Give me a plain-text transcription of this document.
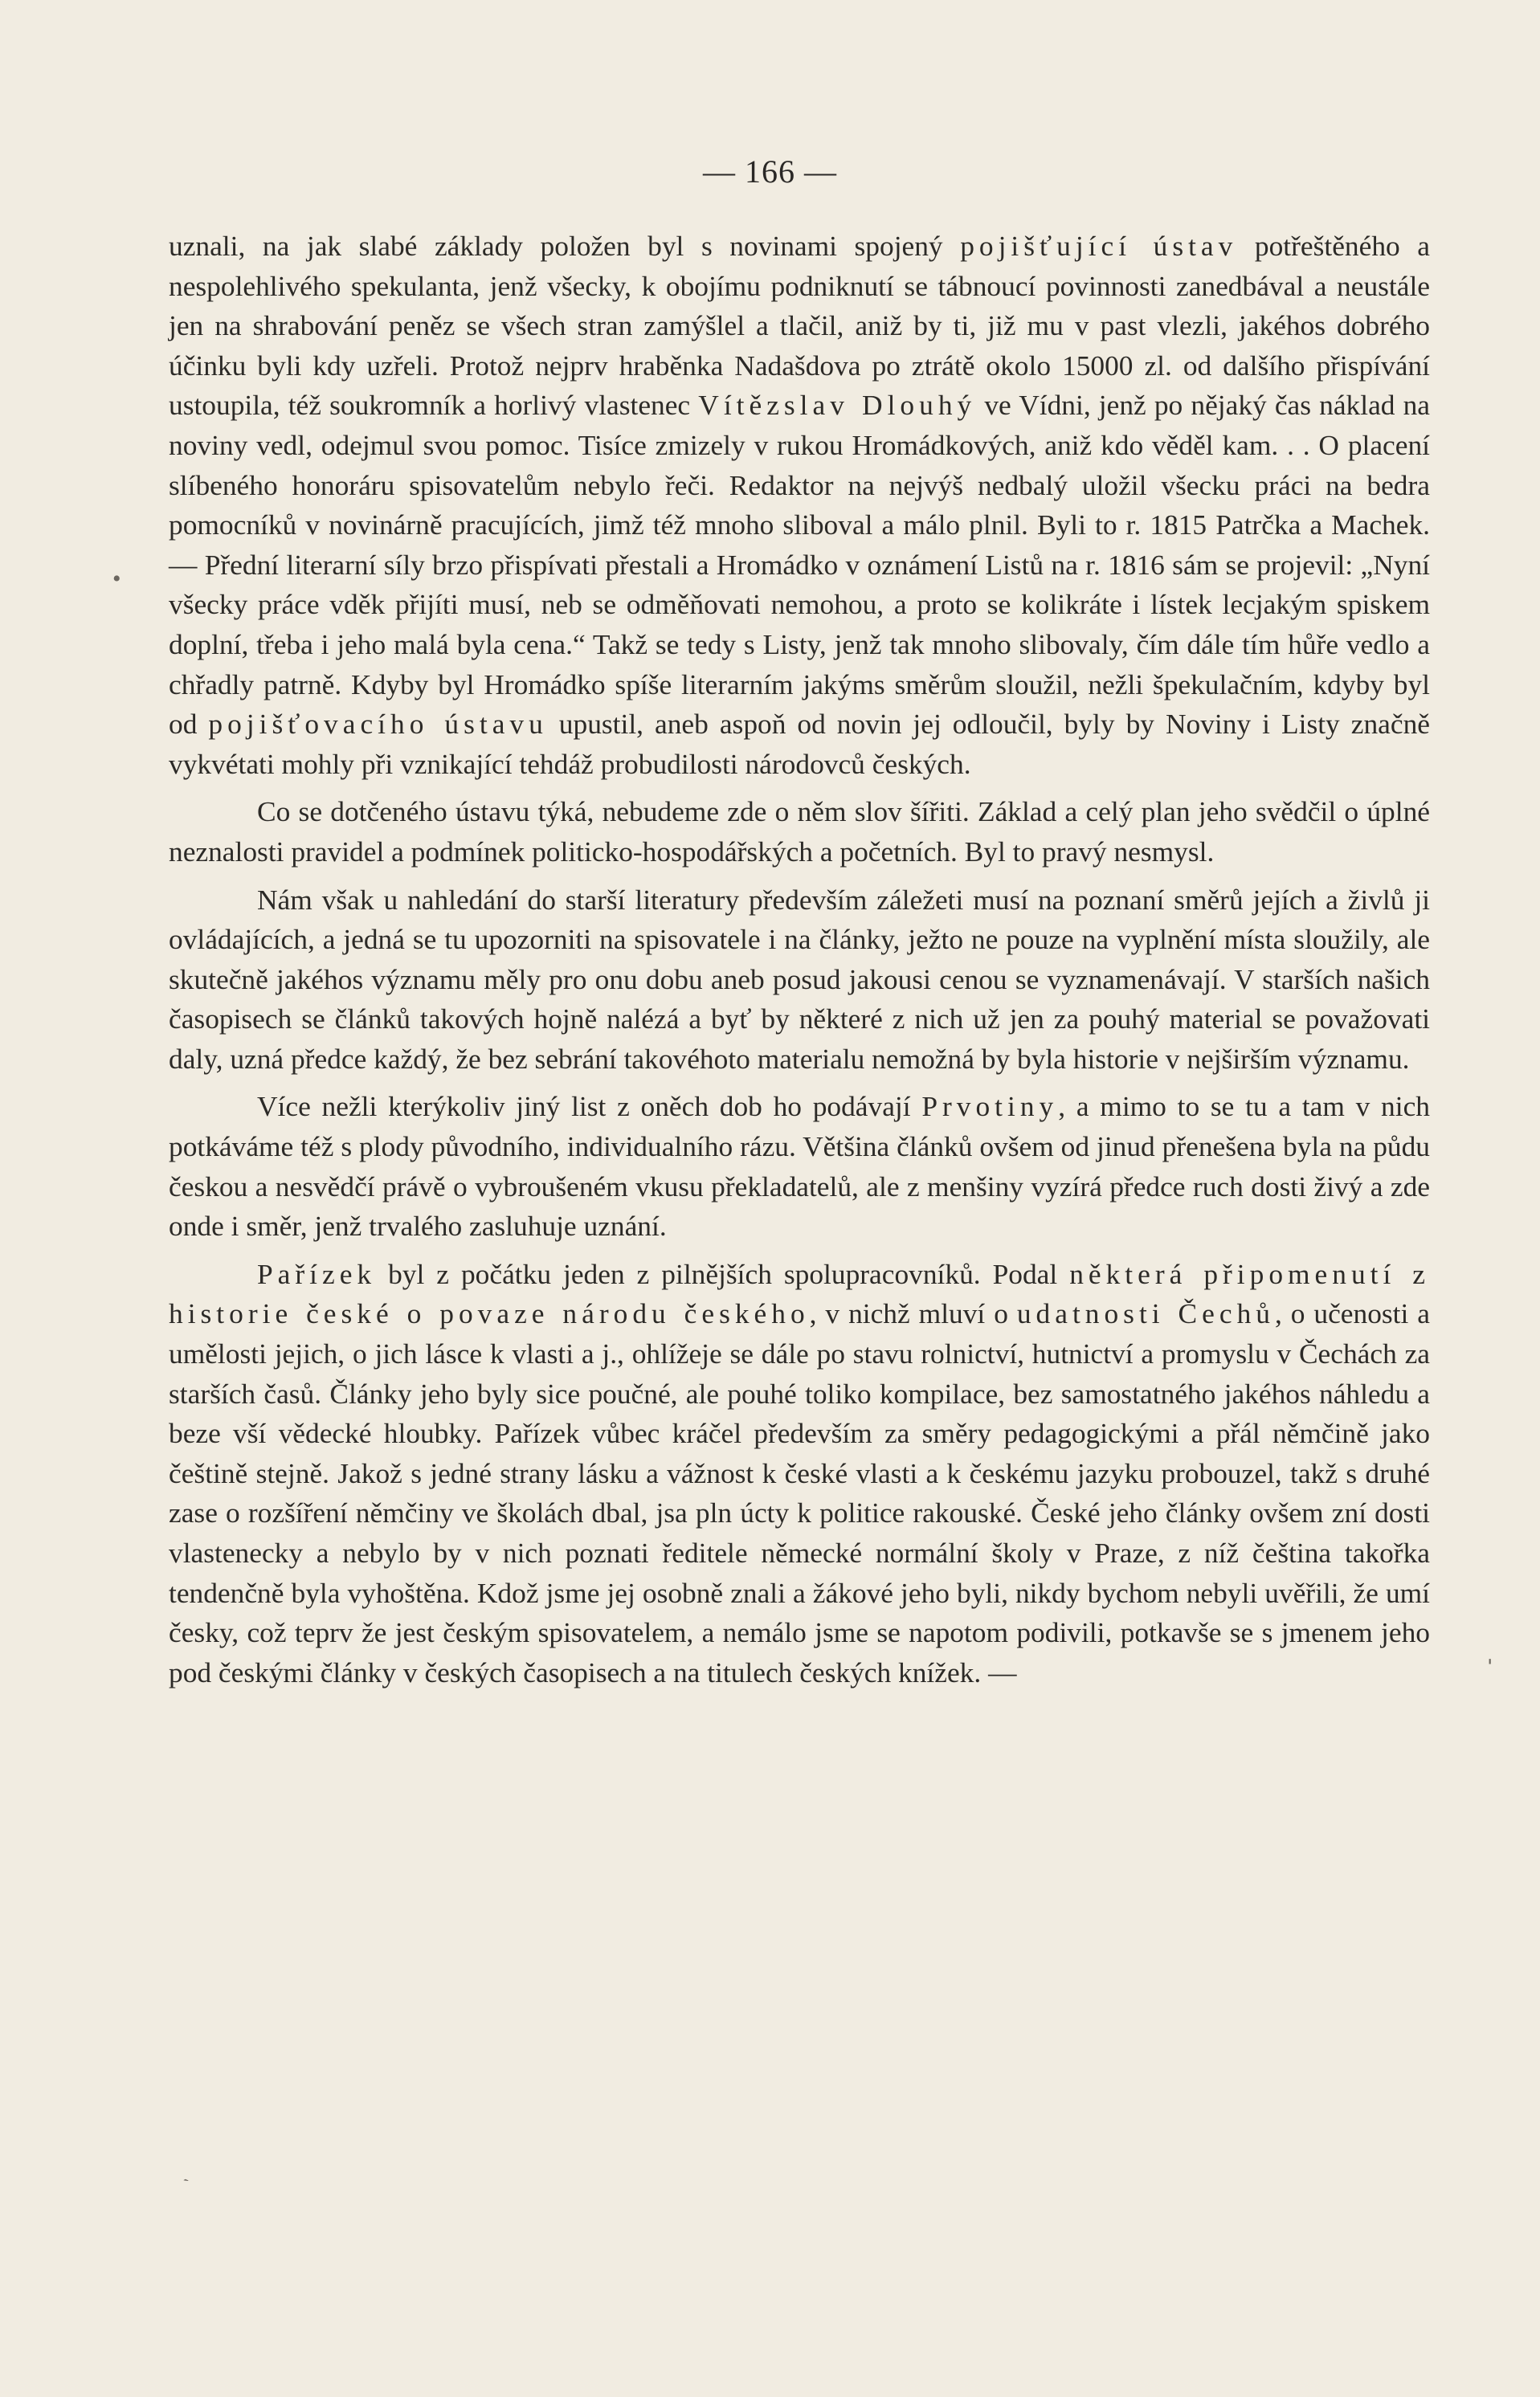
— 166 —

uznali, na jak slabé základy položen byl s novinami spojený pojišťující ústav potřeštěného a nespolehlivého spekulanta, jenž všecky, k obojímu podniknutí se tábnoucí povinnosti zanedbával a neustále jen na shrabování peněz se všech stran zamýšlel a tlačil, aniž by ti, již mu v past vlezli, jakéhos dobrého účinku byli kdy uzřeli. Protož nejprv hraběnka Nadašdova po ztrátě okolo 15000 zl. od dalšího přispívání ustoupila, též soukromník a horlivý vlastenec Vítězslav Dlouhý ve Vídni, jenž po nějaký čas náklad na noviny vedl, odejmul svou pomoc. Tisíce zmizely v rukou Hromádkových, aniž kdo věděl kam. . . O placení slíbeného honoráru spisovatelům nebylo řeči. Redaktor na nejvýš nedbalý uložil všecku práci na bedra pomocníků v novinárně pracujících, jimž též mnoho sliboval a málo plnil. Byli to r. 1815 Patrčka a Machek. — Přední literarní síly brzo přispívati přestali a Hromádko v oznámení Listů na r. 1816 sám se projevil: „Nyní všecky práce vděk přijíti musí, neb se odměňovati nemohou, a proto se kolikráte i lístek lecjakým spiskem doplní, třeba i jeho malá byla cena.“ Takž se tedy s Listy, jenž tak mnoho slibovaly, čím dále tím hůře vedlo a chřadly patrně. Kdyby byl Hromádko spíše literarním jakýms směrům sloužil, nežli špekulačním, kdyby byl od pojišťovacího ústavu upustil, aneb aspoň od novin jej odloučil, byly by Noviny i Listy značně vykvétati mohly při vznikající tehdáž probudilosti národovců českých.

Co se dotčeného ústavu týká, nebudeme zde o něm slov šířiti. Základ a celý plan jeho svědčil o úplné neznalosti pravidel a podmínek politicko-hospodářských a početních. Byl to pravý nesmysl.

Nám však u nahledání do starší literatury především záležeti musí na poznaní směrů jejích a živlů ji ovládajících, a jedná se tu upozorniti na spisovatele i na články, ježto ne pouze na vyplnění místa sloužily, ale skutečně jakéhos významu měly pro onu dobu aneb posud jakousi cenou se vyznamenávají. V starších našich časopisech se článků takových hojně nalézá a byť by některé z nich už jen za pouhý material se považovati daly, uzná předce každý, že bez sebrání takovéhoto materialu nemožná by byla historie v nejširším významu.

Více nežli kterýkoliv jiný list z oněch dob ho podávají Prvotiny, a mimo to se tu a tam v nich potkáváme též s plody původního, individualního rázu. Většina článků ovšem od jinud přenešena byla na půdu českou a nesvědčí právě o vybroušeném vkusu překladatelů, ale z menšiny vyzírá předce ruch dosti živý a zde onde i směr, jenž trvalého zasluhuje uznání.

Pařízek byl z počátku jeden z pilnějších spolupracovníků. Podal některá připomenutí z historie české o povaze národu českého, v nichž mluví o udatnosti Čechů, o učenosti a umělosti jejich, o jich lásce k vlasti a j., ohlížeje se dále po stavu rolnictví, hutnictví a promyslu v Čechách za starších časů. Články jeho byly sice poučné, ale pouhé toliko kompilace, bez samostatného jakéhos náhledu a beze vší vědecké hloubky. Pařízek vůbec kráčel především za směry pedagogickými a přál němčině jako češtině stejně. Jakož s jedné strany lásku a vážnost k české vlasti a k českému jazyku probouzel, takž s druhé zase o rozšíření němčiny ve školách dbal, jsa pln úcty k politice rakouské. České jeho články ovšem zní dosti vlastenecky a nebylo by v nich poznati ředitele německé normální školy v Praze, z níž čeština takořka tendenčně byla vyhoštěna. Kdož jsme jej osobně znali a žákové jeho byli, nikdy bychom nebyli uvěřili, že umí česky, což teprv že jest českým spisovatelem, a nemálo jsme se napotom podivili, potkavše se s jmenem jeho pod českými články v českých časopisech a na titulech českých knížek. —

•
ˈ
ˋ
